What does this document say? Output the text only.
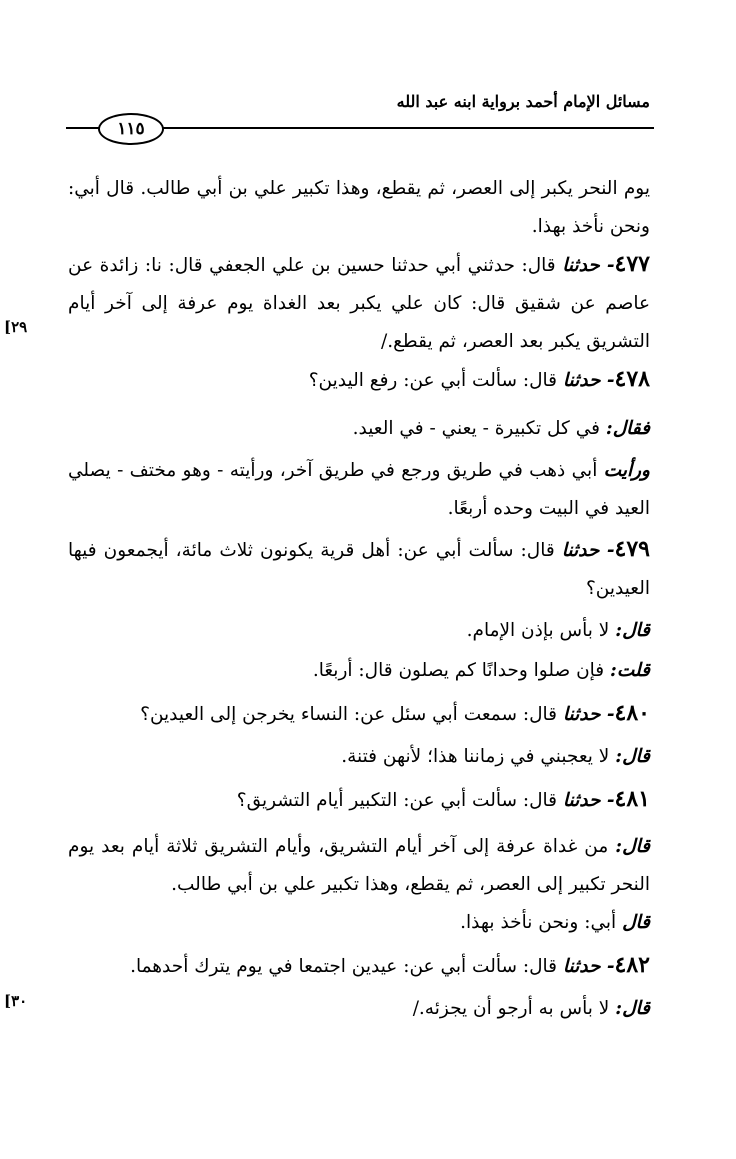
مسائل الإمام أحمد برواية ابنه عبد الله
١١٥
[٢٩
[٣٠
يوم النحر يكبر إلى العصر، ثم يقطع، وهذا تكبير علي بن أبي طالب. قال أبي: ونحن نأخذ بهذا.
٤٧٧- حدثنا قال: حدثني أبي حدثنا حسين بن علي الجعفي قال: نا: زائدة عن عاصم عن شقيق قال: كان علي يكبر بعد الغداة يوم عرفة إلى آخر أيام التشريق يكبر بعد العصر، ثم يقطع./
٤٧٨- حدثنا قال: سألت أبي عن: رفع اليدين؟
فقال: في كل تكبيرة - يعني - في العيد.
ورأيت أبي ذهب في طريق ورجع في طريق آخر، ورأيته - وهو مختف - يصلي العيد في البيت وحده أربعًا.
٤٧٩- حدثنا قال: سألت أبي عن: أهل قرية يكونون ثلاث مائة، أيجمعون فيها العيدين؟
قال: لا بأس بإذن الإمام.
قلت: فإن صلوا وحدانًا كم يصلون قال: أربعًا.
٤٨٠- حدثنا قال: سمعت أبي سئل عن: النساء يخرجن إلى العيدين؟
قال: لا يعجبني في زماننا هذا؛ لأنهن فتنة.
٤٨١- حدثنا قال: سألت أبي عن: التكبير أيام التشريق؟
قال: من غداة عرفة إلى آخر أيام التشريق، وأيام التشريق ثلاثة أيام بعد يوم النحر تكبير إلى العصر، ثم يقطع، وهذا تكبير علي بن أبي طالب.
قال أبي: ونحن نأخذ بهذا.
٤٨٢- حدثنا قال: سألت أبي عن: عيدين اجتمعا في يوم يترك أحدهما.
قال: لا بأس به أرجو أن يجزئه./
